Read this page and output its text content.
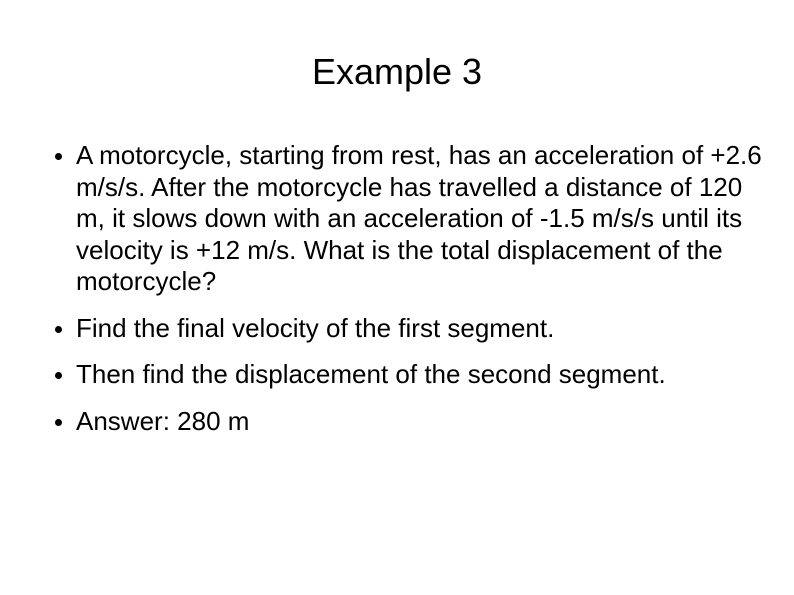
Example 3
A motorcycle, starting from rest, has an acceleration of +2.6 m/s/s. After the motorcycle has travelled a distance of 120 m, it slows down with an acceleration of -1.5 m/s/s until its velocity is +12 m/s. What is the total displacement of the motorcycle?
Find the final velocity of the first segment.
Then find the displacement of the second segment.
Answer: 280 m
